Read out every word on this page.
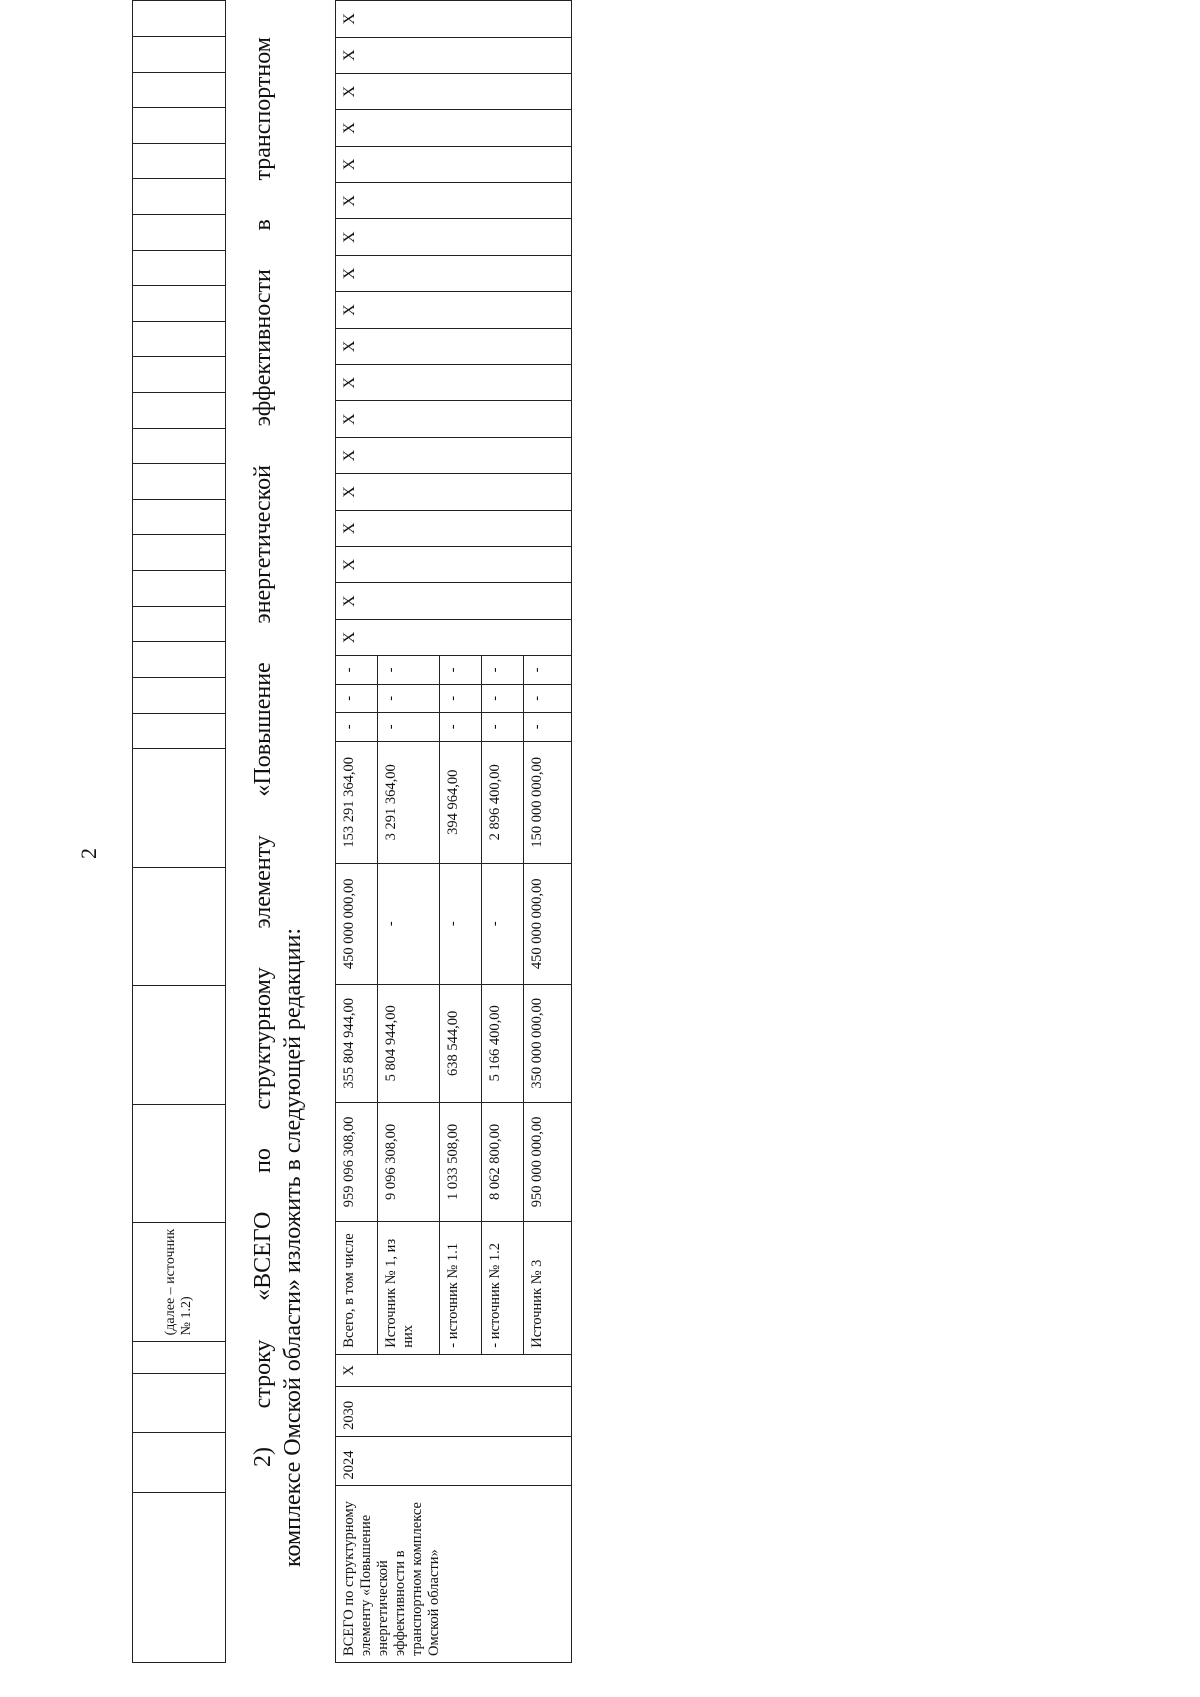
2
				(далее – источник № 1.2)																									2) строку «ВСЕГО по структурному элементу «Повышение энергетической эффективности в транспортном комплексе Омской области» изложить в следующей редакции:
ВСЕГО по структурному элементу «Повышение энергетической эффективности в транспортном комплексе Омской области»	2024	2030	X	Всего, в том числе	959 096 308,00	355 804 944,00	450 000 000,00	153 291 364,00	-	-	-	X	X	X	X	X	X	X	X	X	X	X	X	X	X	X	X	X	X
				Источник № 1, из них	9 096 308,00	5 804 944,00	-	3 291 364,00	-	-	-																		
				- источник № 1.1	1 033 508,00	638 544,00	-	394 964,00	-	-	-																		
				- источник № 1.2	8 062 800,00	5 166 400,00	-	2 896 400,00	-	-	-																		
				Источник № 3	950 000 000,00	350 000 000,00	450 000 000,00	150 000 000,00	-	-	-																		
